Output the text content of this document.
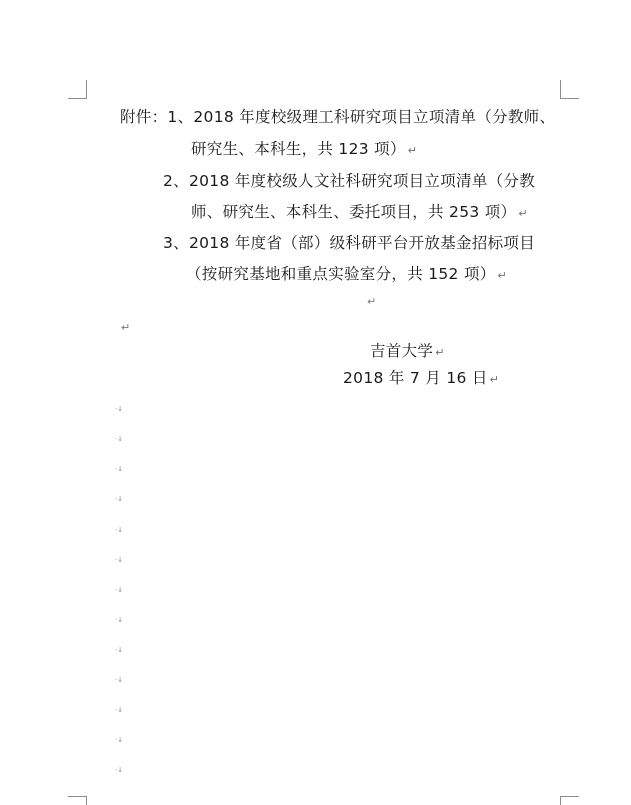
附件：1、2018 年度校级理工科研究项目立项清单（分教师、
研究生、本科生，共 123 项） ↵
2、2018 年度校级人文社科研究项目立项清单（分教
师、研究生、本科生、委托项目，共 253 项） ↵
3、2018 年度省（部）级科研平台开放基金招标项目
（按研究基地和重点实验室分，共 152 项） ↵
↵
↵
吉首大学 ↵
2018 年 7 月 16 日 ↵
·↓
·↓
·↓
·↓
·↓
·↓
·↓
·↓
·↓
·↓
·↓
·↓
·↓
